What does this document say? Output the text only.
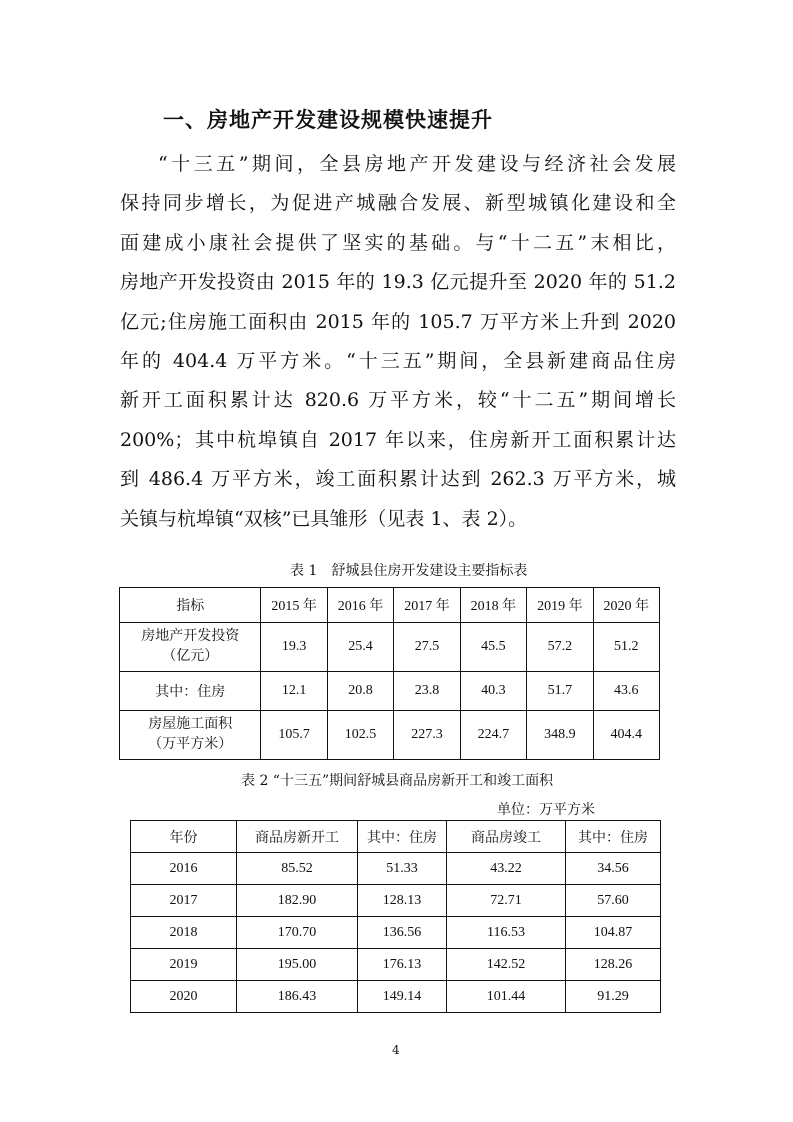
一、房地产开发建设规模快速提升

“十三五”期间，全县房地产开发建设与经济社会发展
保持同步增长，为促进产城融合发展、新型城镇化建设和全
面建成小康社会提供了坚实的基础。与“十二五”末相比，
房地产开发投资由 2015 年的 19.3 亿元提升至 2020 年的 51.2
亿元;住房施工面积由 2015 年的 105.7 万平方米上升到 2020
年的 404.4 万平方米。“十三五”期间，全县新建商品住房
新开工面积累计达 820.6 万平方米，较“十二五”期间增长
200%；其中杭埠镇自 2017 年以来，住房新开工面积累计达
到 486.4 万平方米，竣工面积累计达到 262.3 万平方米，城
关镇与杭埠镇“双核”已具雏形（见表 1、表 2）。

表 1　舒城县住房开发建设主要指标表
指标	2015 年	2016 年	2017 年	2018 年	2019 年	2020 年

房地产开发投资
（亿元）	19.3	25.4	27.5	45.5	57.2	51.2
其中：住房	12.1	20.8	23.8	40.3	51.7	43.6

房屋施工面积
（万平方米）	105.7	102.5	227.3	224.7	348.9	404.4
表 2 “十三五”期间舒城县商品房新开工和竣工面积
单位：万平方米
年份	商品房新开工	其中：住房	商品房竣工	其中：住房
2016	85.52	51.33	43.22	34.56
2017	182.90	128.13	72.71	57.60
2018	170.70	136.56	116.53	104.87
2019	195.00	176.13	142.52	128.26
2020	186.43	149.14	101.44	91.29
4
